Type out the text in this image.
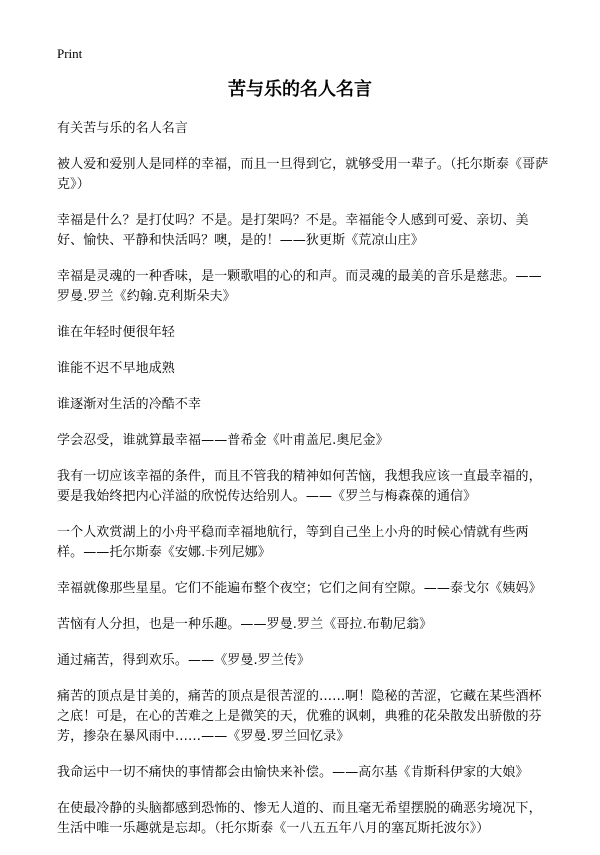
Print
苦与乐的名人名言

有关苦与乐的名人名言

被人爱和爱别人是同样的幸福，而且一旦得到它，就够受用一辈子。（托尔斯泰《哥萨克》）

幸福是什么？是打仗吗？不是。是打架吗？不是。幸福能令人感到可爱、亲切、美好、愉快、平静和快活吗？噢，是的！——狄更斯《荒凉山庄》

幸福是灵魂的一种香味，是一颗歌唱的心的和声。而灵魂的最美的音乐是慈悲。——罗曼.罗兰《约翰.克利斯朵夫》

谁在年轻时便很年轻

谁能不迟不早地成熟

谁逐渐对生活的冷酷不幸

学会忍受，谁就算最幸福——普希金《叶甫盖尼.奥尼金》

我有一切应该幸福的条件，而且不管我的精神如何苦恼，我想我应该一直最幸福的，要是我始终把内心洋溢的欣悦传达给别人。——《罗兰与梅森葆的通信》

一个人欢赏湖上的小舟平稳而幸福地航行，等到自己坐上小舟的时候心情就有些两样。——托尔斯泰《安娜.卡列尼娜》

幸福就像那些星星。它们不能遍布整个夜空；它们之间有空隙。——泰戈尔《姨妈》

苦恼有人分担，也是一种乐趣。——罗曼.罗兰《哥拉.布勒尼翁》

通过痛苦，得到欢乐。——《罗曼.罗兰传》

痛苦的顶点是甘美的，痛苦的顶点是很苦涩的……啊！隐秘的苦涩，它藏在某些酒杯之底！可是，在心的苦难之上是微笑的天，优雅的讽刺，典雅的花朵散发出骄傲的芬芳，掺杂在暴风雨中……——《罗曼.罗兰回忆录》

我命运中一切不痛快的事情都会由愉快来补偿。——高尔基《肯斯科伊家的大娘》

在使最冷静的头脑都感到恐怖的、惨无人道的、而且毫无希望摆脱的确恶劣境况下，生活中唯一乐趣就是忘却。（托尔斯泰《一八五五年八月的塞瓦斯托波尔》）
